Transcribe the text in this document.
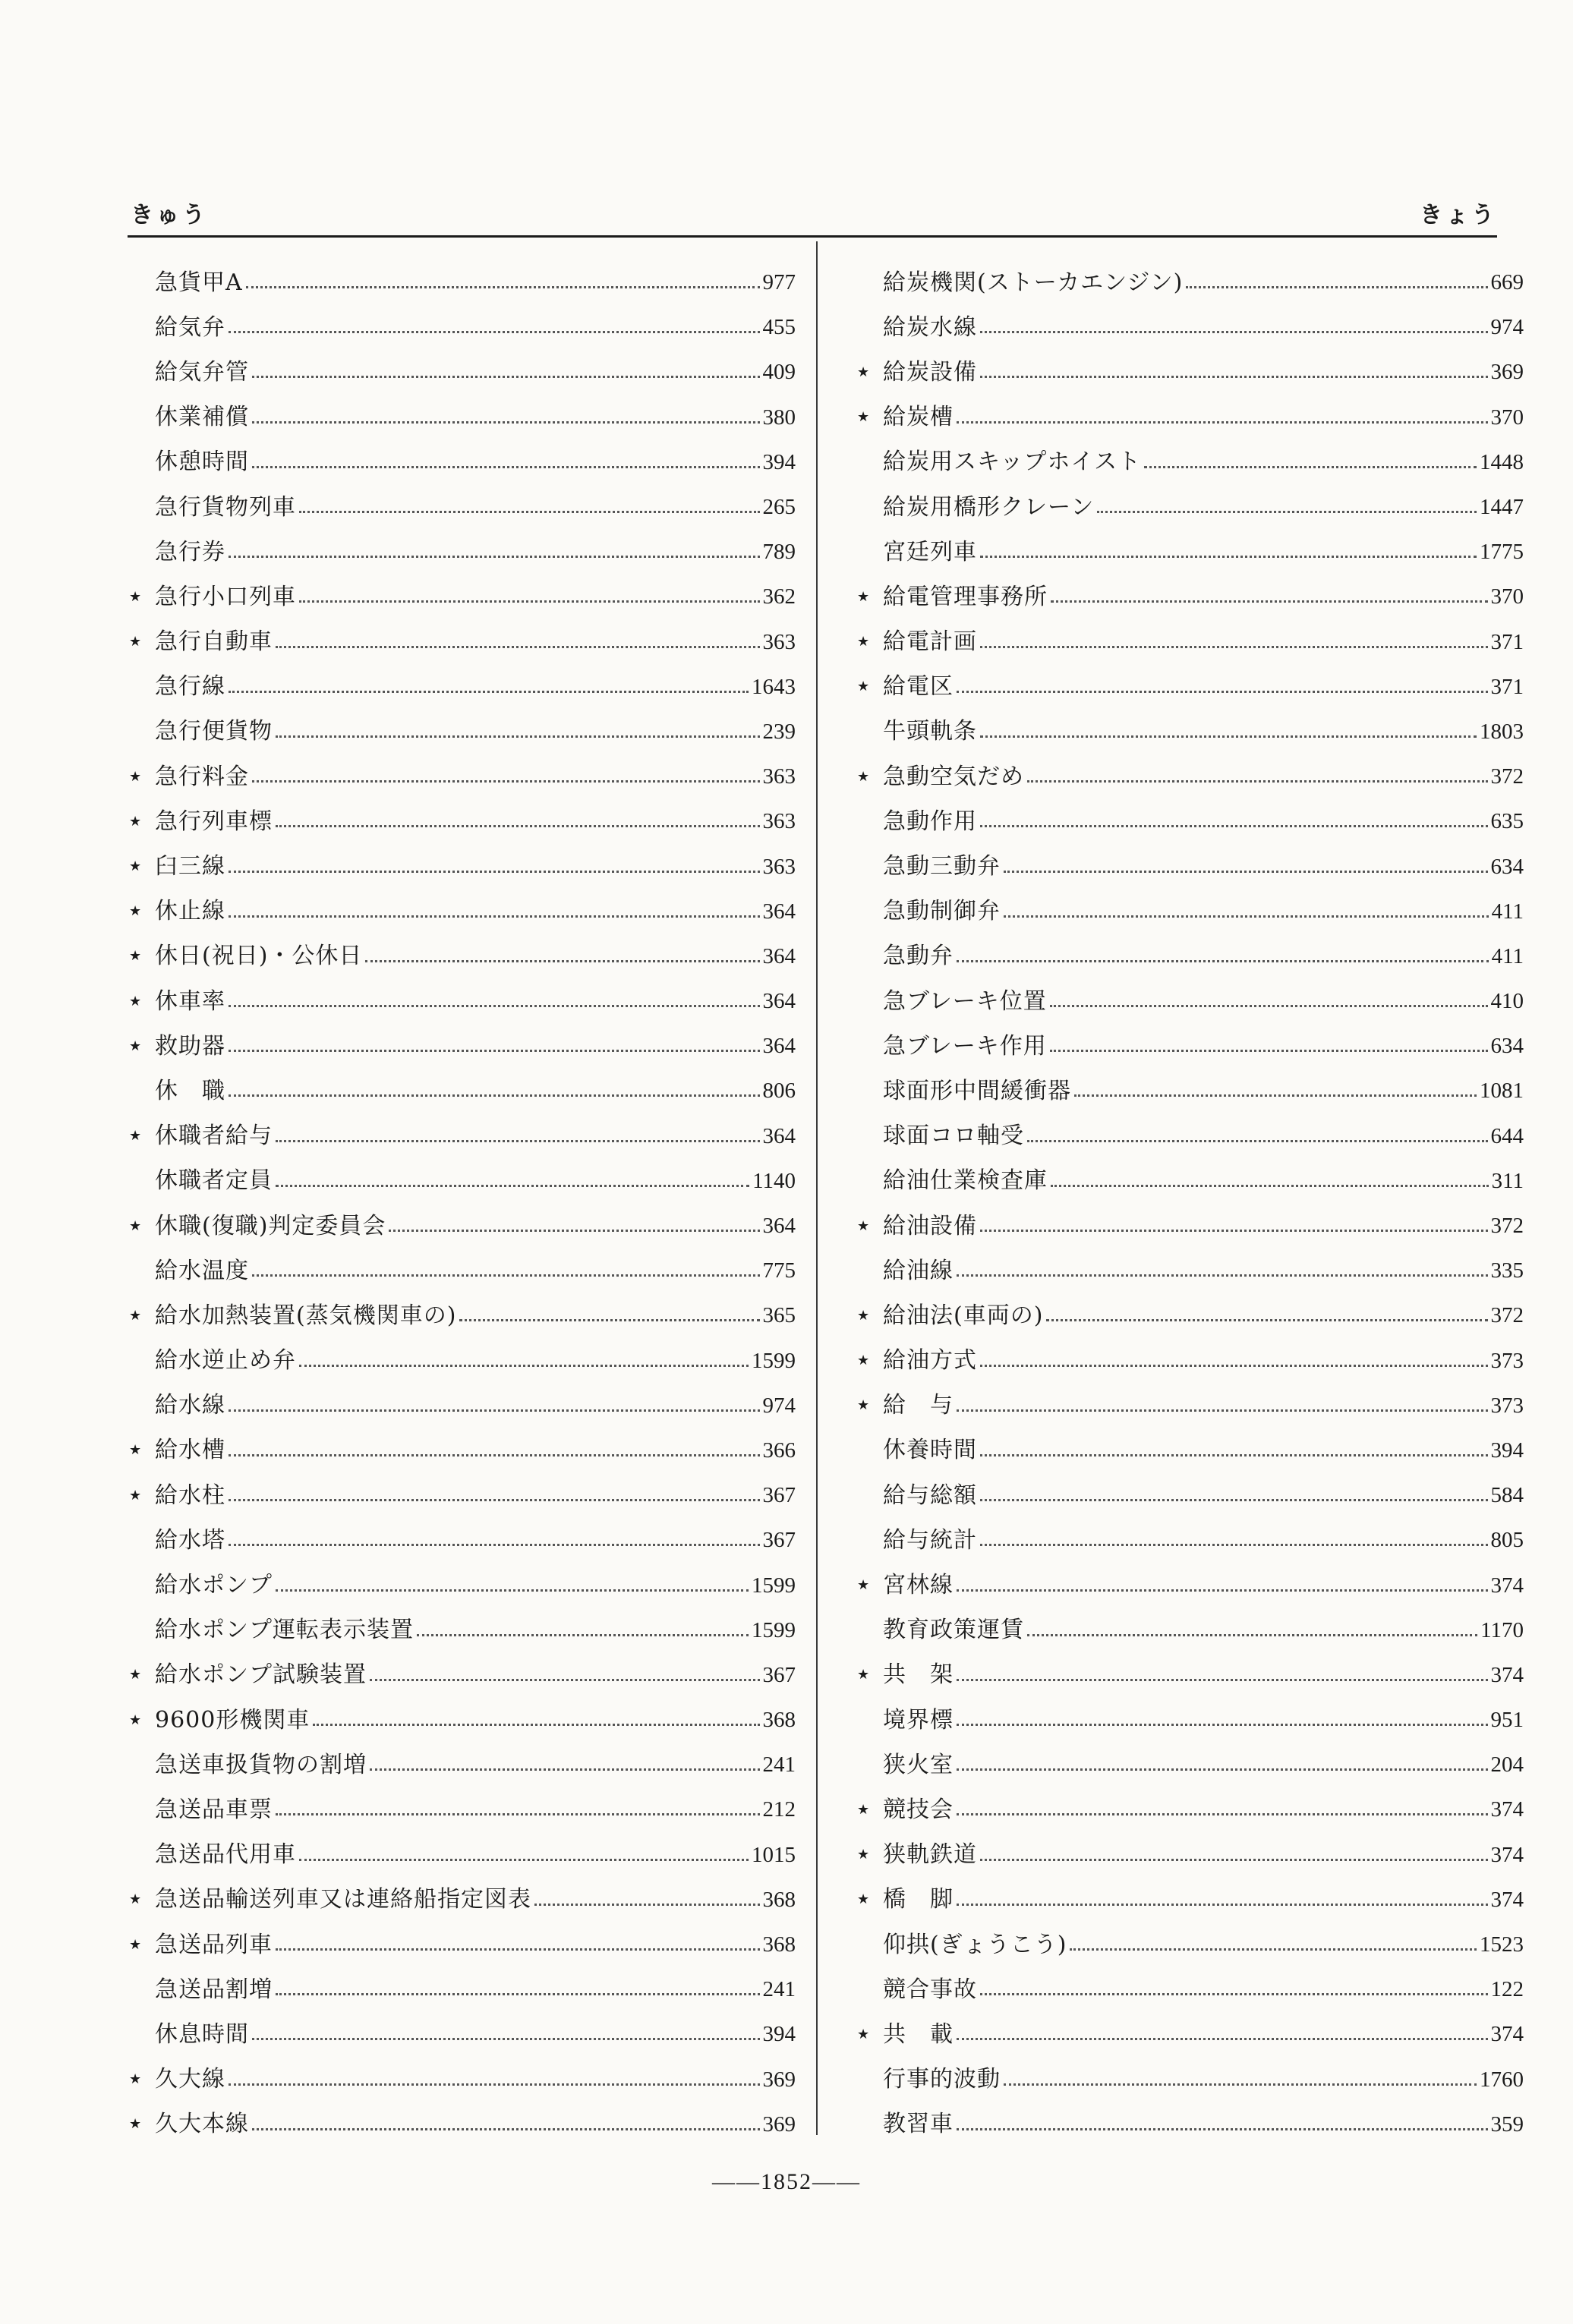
きゅう	きょう
急貨甲A	977
給気弁	455
給気弁管	409
休業補償	380
休憩時間	394
急行貨物列車	265
急行券	789
★ 急行小口列車	362
★ 急行自動車	363
急行線	1643
急行便貨物	239
★ 急行料金	363
★ 急行列車標	363
★ 臼三線	363
★ 休止線	364
★ 休日(祝日)・公休日	364
★ 休車率	364
★ 救助器	364
休　職	806
★ 休職者給与	364
休職者定員	1140
★ 休職(復職)判定委員会	364
給水温度	775
★ 給水加熱装置(蒸気機関車の)	365
給水逆止め弁	1599
給水線	974
★ 給水槽	366
★ 給水柱	367
給水塔	367
給水ポンプ	1599
給水ポンプ運転表示装置	1599
★ 給水ポンプ試験装置	367
★ 9600形機関車	368
急送車扱貨物の割増	241
急送品車票	212
急送品代用車	1015
★ 急送品輸送列車又は連絡船指定図表	368
★ 急送品列車	368
急送品割増	241
休息時間	394
★ 久大線	369
★ 久大本線	369
給炭機関(ストーカエンジン)	669
給炭水線	974
★ 給炭設備	369
★ 給炭槽	370
給炭用スキップホイスト	1448
給炭用橋形クレーン	1447
宮廷列車	1775
★ 給電管理事務所	370
★ 給電計画	371
★ 給電区	371
牛頭軌条	1803
★ 急動空気だめ	372
急動作用	635
急動三動弁	634
急動制御弁	411
急動弁	411
急ブレーキ位置	410
急ブレーキ作用	634
球面形中間緩衝器	1081
球面コロ軸受	644
給油仕業検査庫	311
★ 給油設備	372
給油線	335
★ 給油法(車両の)	372
★ 給油方式	373
★ 給　与	373
休養時間	394
給与総額	584
給与統計	805
★ 宮林線	374
教育政策運賃	1170
★ 共　架	374
境界標	951
狭火室	204
★ 競技会	374
★ 狭軌鉄道	374
★ 橋　脚	374
仰拱(ぎょうこう)	1523
競合事故	122
★ 共　載	374
行事的波動	1760
教習車	359
——1852——
